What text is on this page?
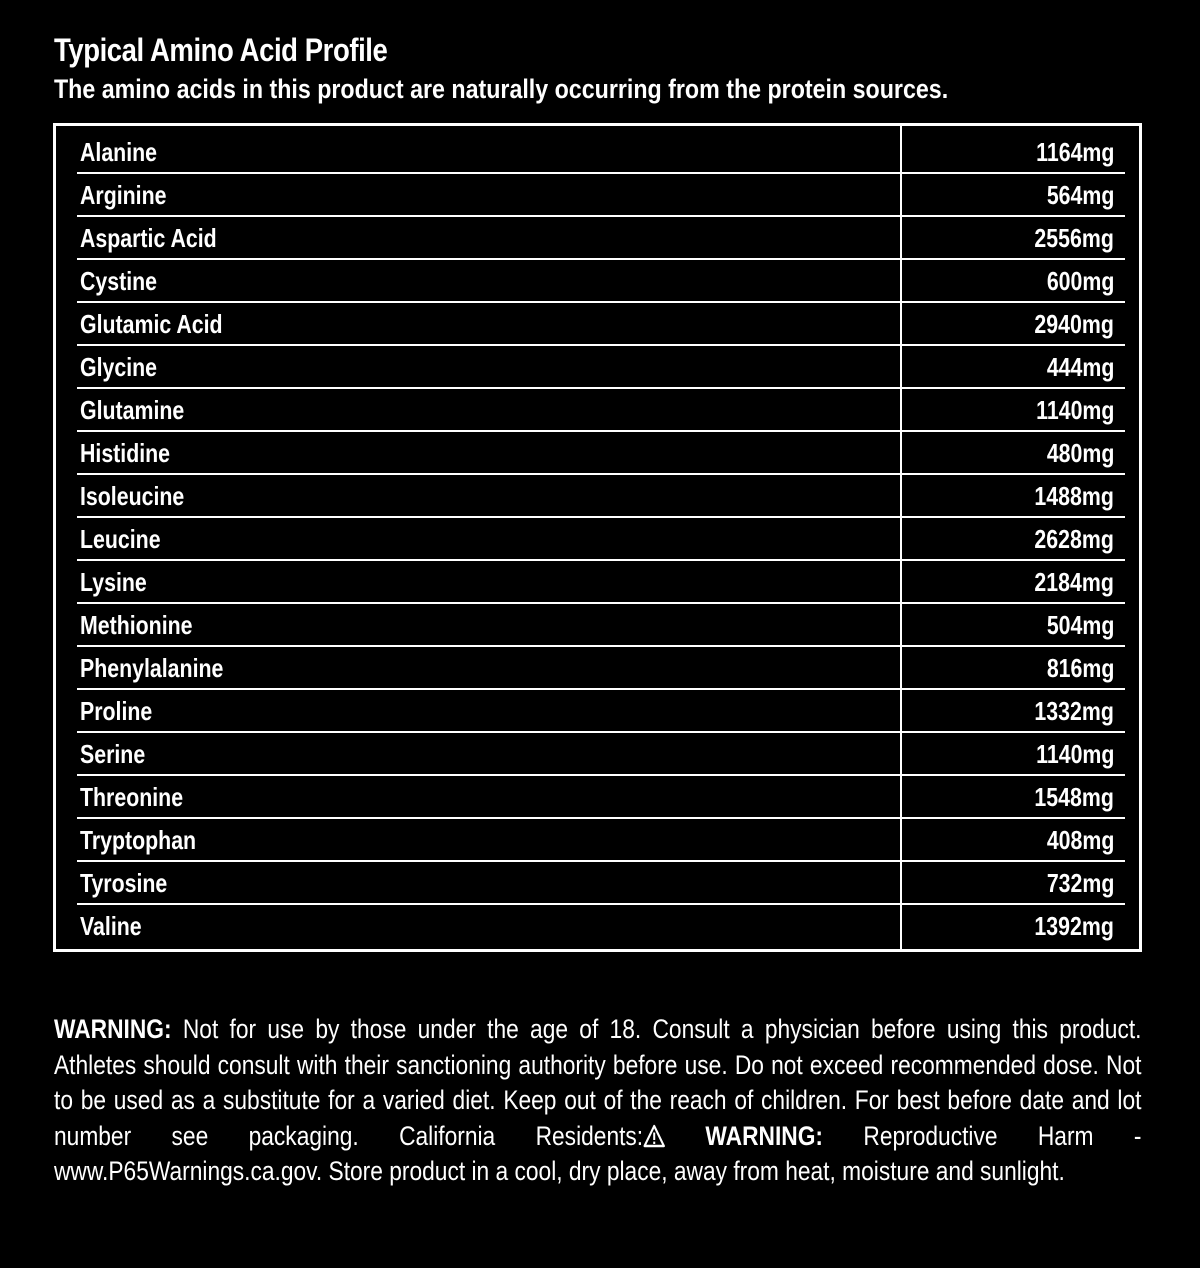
Typical Amino Acid Profile
The amino acids in this product are naturally occurring from the protein sources.
Alanine	1164mg
Arginine	564mg
Aspartic Acid	2556mg
Cystine	600mg
Glutamic Acid	2940mg
Glycine	444mg
Glutamine	1140mg
Histidine	480mg
Isoleucine	1488mg
Leucine	2628mg
Lysine	2184mg
Methionine	504mg
Phenylalanine	816mg
Proline	1332mg
Serine	1140mg
Threonine	1548mg
Tryptophan	408mg
Tyrosine	732mg
Valine	1392mg
WARNING: Not for use by those under the age of 18. Consult a physician before using this product. Athletes should consult with their sanctioning authority before use. Do not exceed recommended dose. Not to be used as a substitute for a varied diet. Keep out of the reach of children. For best before date and lot number see packaging. California Residents: WARNING: Reproductive Harm - www.P65Warnings.ca.gov. Store product in a cool, dry place, away from heat, moisture and sunlight.
